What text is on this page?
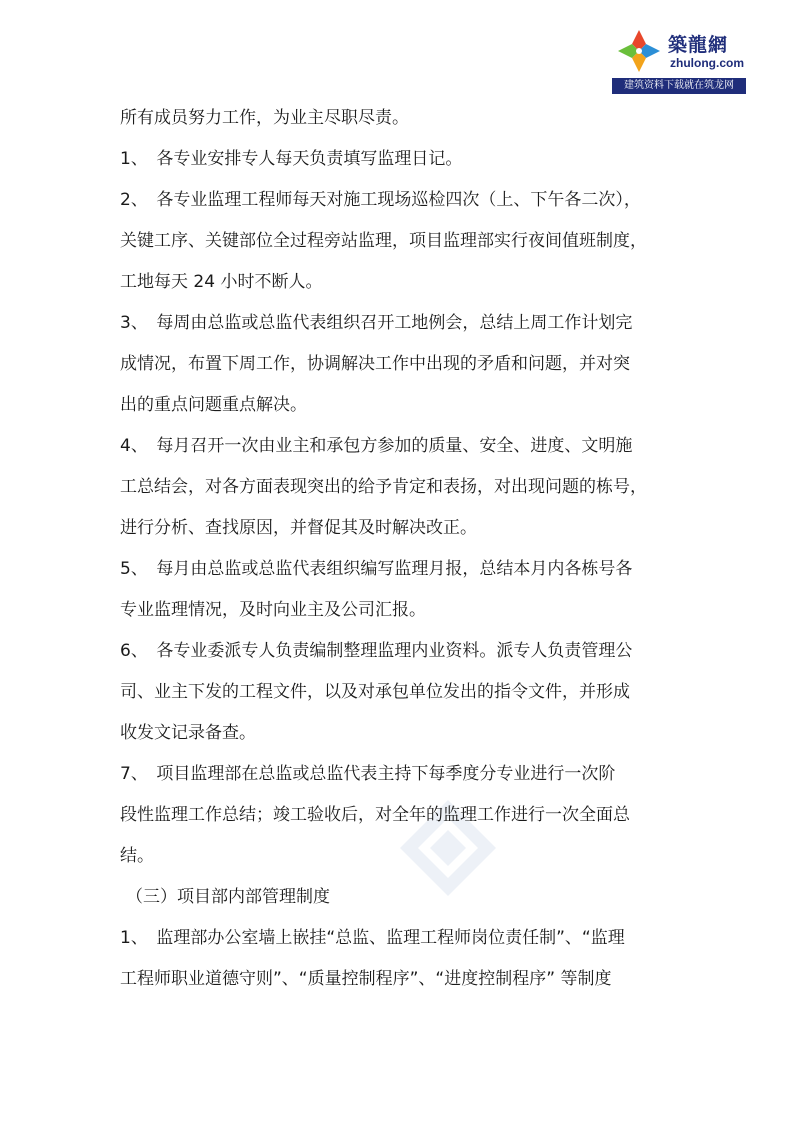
築龍網
zhulong.com
建筑资料下载就在筑龙网
所有成员努力工作，为业主尽职尽责。
1、　各专业安排专人每天负责填写监理日记。
2、　各专业监理工程师每天对施工现场巡检四次（上、下午各二次），
关键工序、关键部位全过程旁站监理，项目监理部实行夜间值班制度，
工地每天 24 小时不断人。
3、　每周由总监或总监代表组织召开工地例会，总结上周工作计划完
成情况，布置下周工作，协调解决工作中出现的矛盾和问题，并对突
出的重点问题重点解决。
4、　每月召开一次由业主和承包方参加的质量、安全、进度、文明施
工总结会，对各方面表现突出的给予肯定和表扬，对出现问题的栋号，
进行分析、查找原因，并督促其及时解决改正。
5、　每月由总监或总监代表组织编写监理月报，总结本月内各栋号各
专业监理情况，及时向业主及公司汇报。
6、　各专业委派专人负责编制整理监理内业资料。派专人负责管理公
司、业主下发的工程文件，以及对承包单位发出的指令文件，并形成
收发文记录备查。
7、　项目监理部在总监或总监代表主持下每季度分专业进行一次阶
段性监理工作总结；竣工验收后，对全年的监理工作进行一次全面总
结。
（三）项目部内部管理制度
1、　监理部办公室墙上嵌挂“总监、监理工程师岗位责任制”、“监理
工程师职业道德守则”、“质量控制程序”、“进度控制程序” 等制度
